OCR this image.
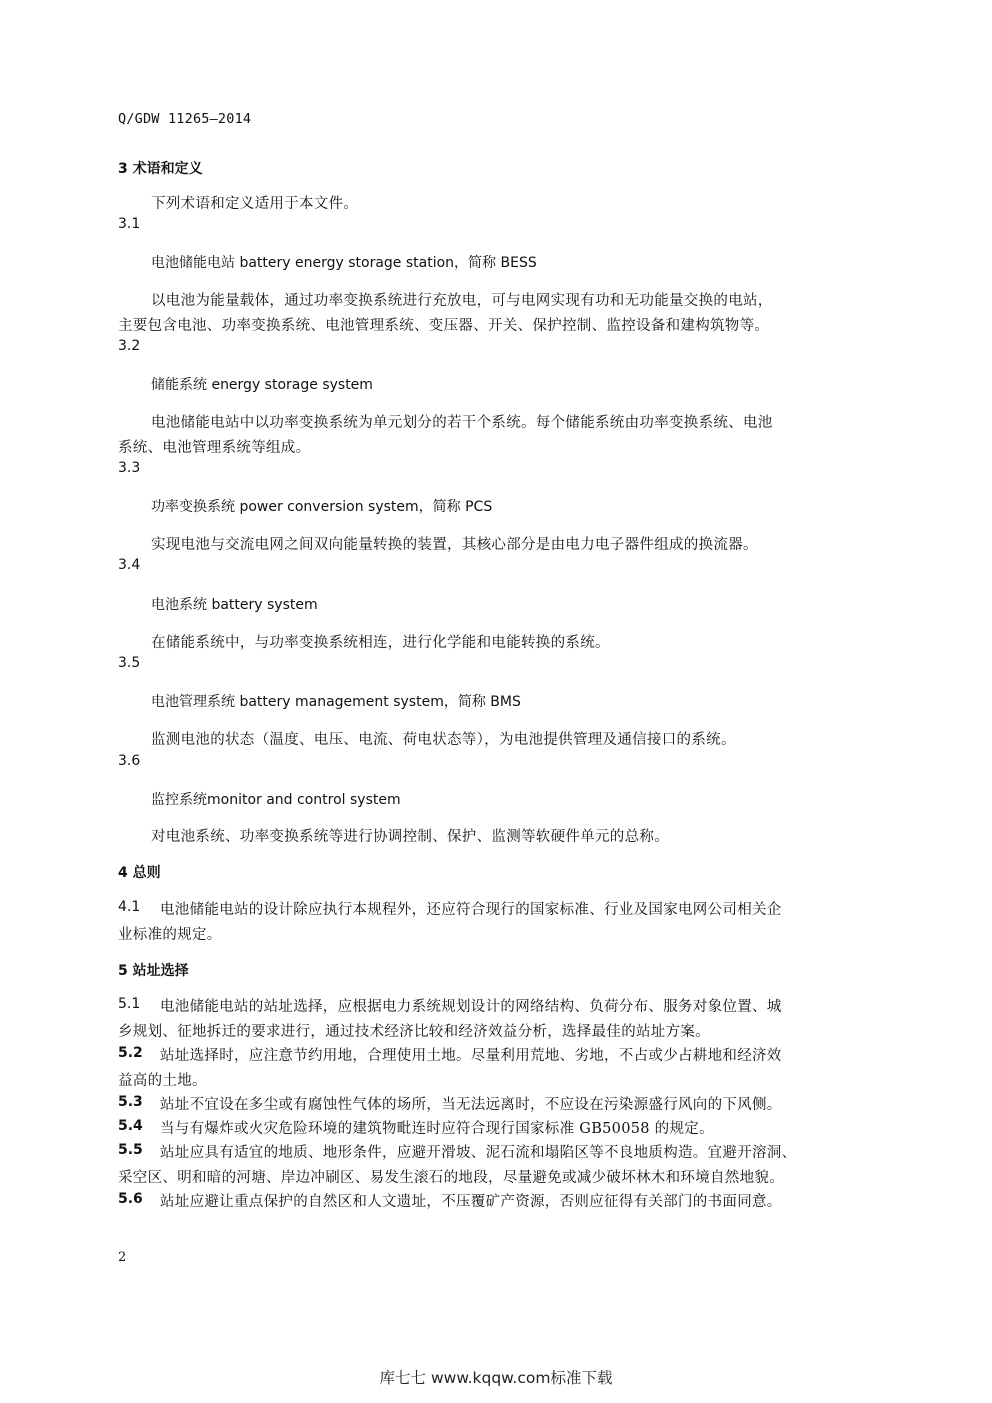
Q/GDW 11265—2014
3 术语和定义
下列术语和定义适用于本文件。
3.1
电池储能电站 battery energy storage station，简称 BESS
以电池为能量载体，通过功率变换系统进行充放电，可与电网实现有功和无功能量交换的电站，
主要包含电池、功率变换系统、电池管理系统、变压器、开关、保护控制、监控设备和建构筑物等。
3.2
储能系统 energy storage system
电池储能电站中以功率变换系统为单元划分的若干个系统。每个储能系统由功率变换系统、电池
系统、电池管理系统等组成。
3.3
功率变换系统 power conversion system，简称 PCS
实现电池与交流电网之间双向能量转换的装置，其核心部分是由电力电子器件组成的换流器。
3.4
电池系统 battery system
在储能系统中，与功率变换系统相连，进行化学能和电能转换的系统。
3.5
电池管理系统 battery management system，简称 BMS
监测电池的状态（温度、电压、电流、荷电状态等），为电池提供管理及通信接口的系统。
3.6
监控系统monitor and control system
对电池系统、功率变换系统等进行协调控制、保护、监测等软硬件单元的总称。
4 总则
4.1 电池储能电站的设计除应执行本规程外，还应符合现行的国家标准、行业及国家电网公司相关企
业标准的规定。
5 站址选择
5.1 电池储能电站的站址选择，应根据电力系统规划设计的网络结构、负荷分布、服务对象位置、城
乡规划、征地拆迁的要求进行，通过技术经济比较和经济效益分析，选择最佳的站址方案。
5.2 站址选择时，应注意节约用地，合理使用土地。尽量利用荒地、劣地，不占或少占耕地和经济效
益高的土地。
5.3 站址不宜设在多尘或有腐蚀性气体的场所，当无法远离时，不应设在污染源盛行风向的下风侧。
5.4 当与有爆炸或火灾危险环境的建筑物毗连时应符合现行国家标准 GB50058 的规定。
5.5 站址应具有适宜的地质、地形条件，应避开滑坡、泥石流和塌陷区等不良地质构造。宜避开溶洞、
采空区、明和暗的河塘、岸边冲刷区、易发生滚石的地段，尽量避免或减少破坏林木和环境自然地貌。
5.6 站址应避让重点保护的自然区和人文遗址，不压覆矿产资源，否则应征得有关部门的书面同意。
2
库七七 www.kqqw.com标准下载
